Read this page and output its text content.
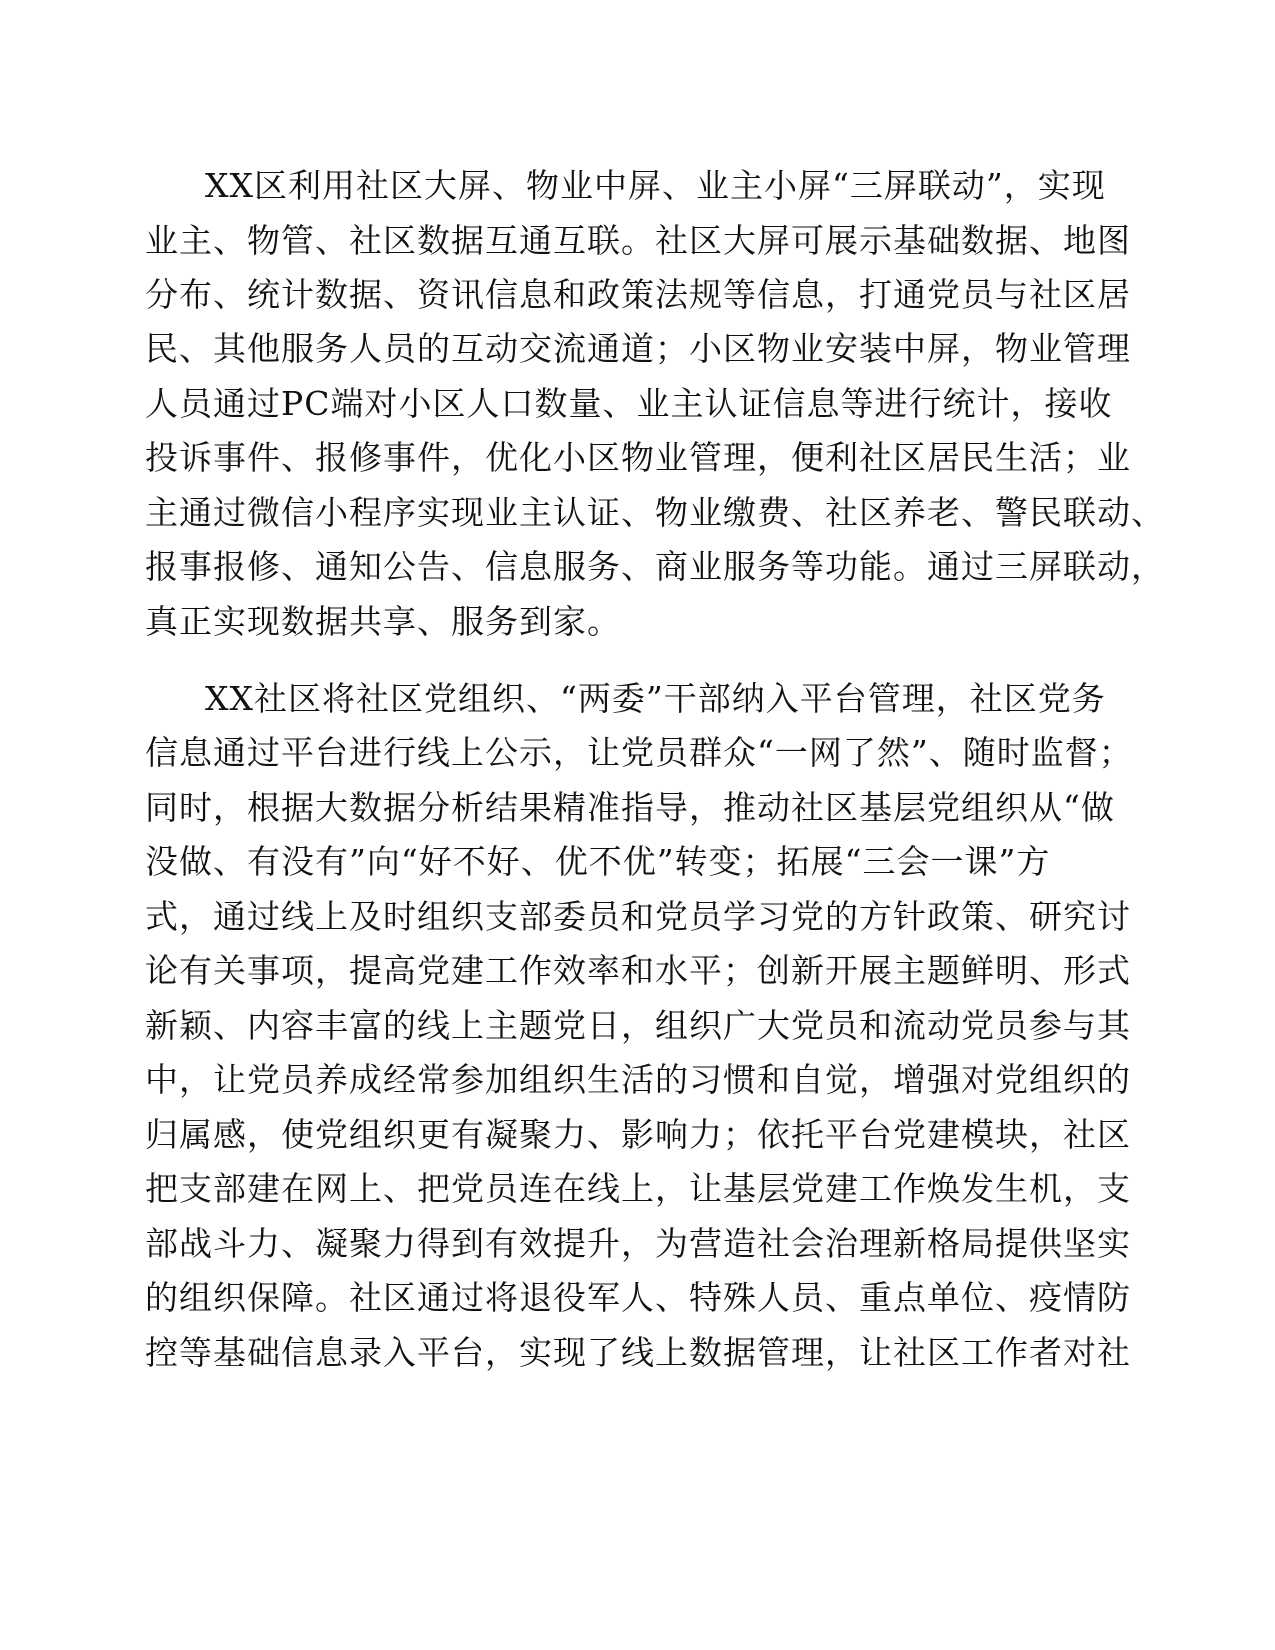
XX区利用社区大屏、物业中屏、业主小屏“三屏联动”，实现
业主、物管、社区数据互通互联。社区大屏可展示基础数据、地图
分布、统计数据、资讯信息和政策法规等信息，打通党员与社区居
民、其他服务人员的互动交流通道；小区物业安装中屏，物业管理
人员通过PC端对小区人口数量、业主认证信息等进行统计，接收
投诉事件、报修事件，优化小区物业管理，便利社区居民生活；业
主通过微信小程序实现业主认证、物业缴费、社区养老、警民联动、
报事报修、通知公告、信息服务、商业服务等功能。通过三屏联动，
真正实现数据共享、服务到家。
XX社区将社区党组织、“两委”干部纳入平台管理，社区党务
信息通过平台进行线上公示，让党员群众“一网了然”、随时监督；
同时，根据大数据分析结果精准指导，推动社区基层党组织从“做
没做、有没有”向“好不好、优不优”转变；拓展“三会一课”方
式，通过线上及时组织支部委员和党员学习党的方针政策、研究讨
论有关事项，提高党建工作效率和水平；创新开展主题鲜明、形式
新颖、内容丰富的线上主题党日，组织广大党员和流动党员参与其
中，让党员养成经常参加组织生活的习惯和自觉，增强对党组织的
归属感，使党组织更有凝聚力、影响力；依托平台党建模块，社区
把支部建在网上、把党员连在线上，让基层党建工作焕发生机，支
部战斗力、凝聚力得到有效提升，为营造社会治理新格局提供坚实
的组织保障。社区通过将退役军人、特殊人员、重点单位、疫情防
控等基础信息录入平台，实现了线上数据管理，让社区工作者对社
